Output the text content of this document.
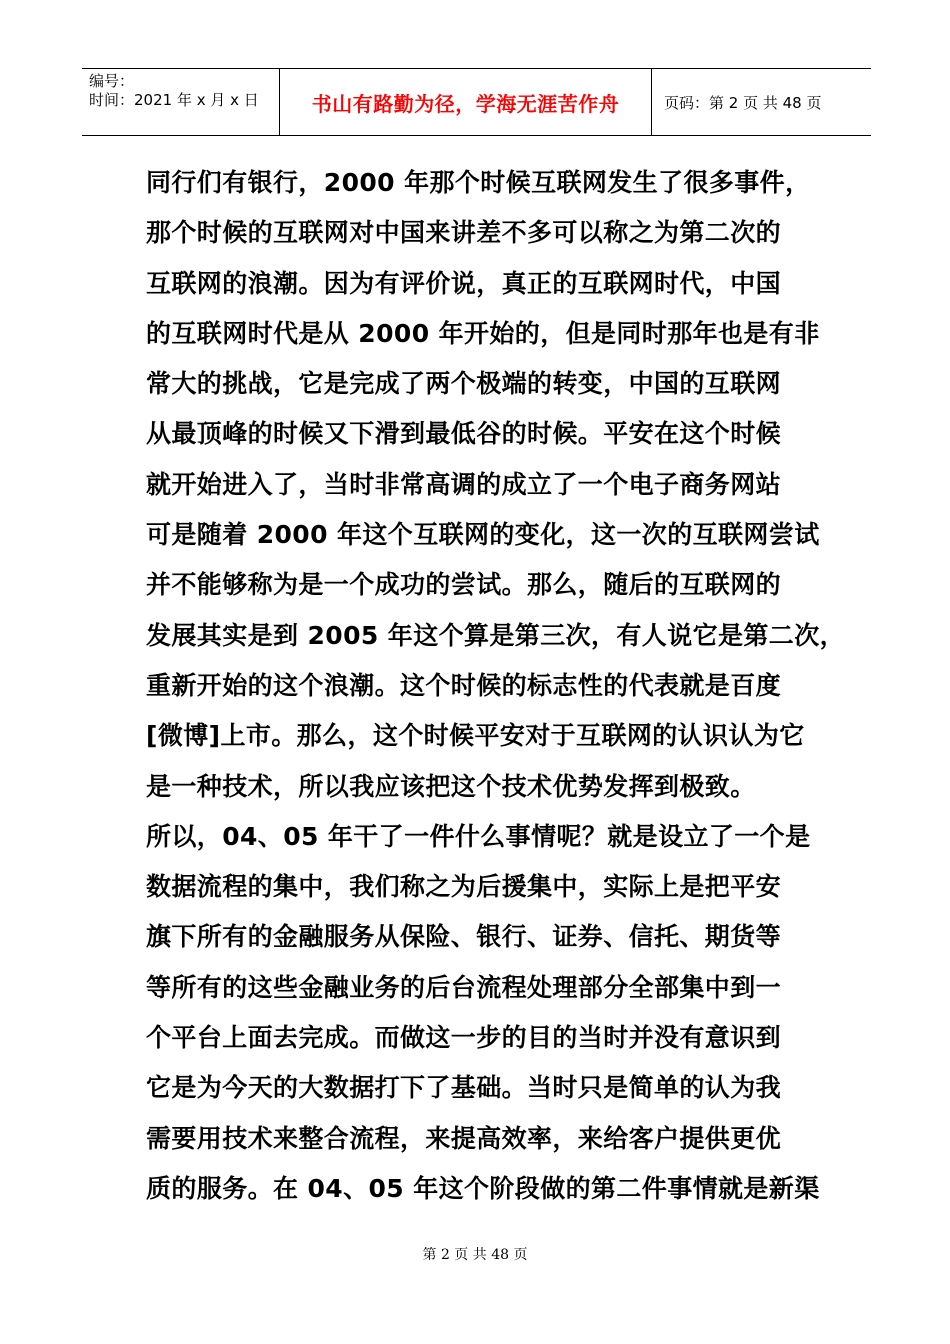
编号：
时间：2021 年 x 月 x 日	书山有路勤为径，学海无涯苦作舟	页码：第 2 页 共 48 页
同行们有银行，2000 年那个时候互联网发生了很多事件，
那个时候的互联网对中国来讲差不多可以称之为第二次的
互联网的浪潮。因为有评价说，真正的互联网时代，中国
的互联网时代是从 2000 年开始的，但是同时那年也是有非
常大的挑战，它是完成了两个极端的转变，中国的互联网
从最顶峰的时候又下滑到最低谷的时候。平安在这个时候
就开始进入了，当时非常高调的成立了一个电子商务网站
可是随着 2000 年这个互联网的变化，这一次的互联网尝试
并不能够称为是一个成功的尝试。那么，随后的互联网的
发展其实是到 2005 年这个算是第三次，有人说它是第二次，
重新开始的这个浪潮。这个时候的标志性的代表就是百度
[微博]上市。那么，这个时候平安对于互联网的认识认为它
是一种技术，所以我应该把这个技术优势发挥到极致。
所以，04、05 年干了一件什么事情呢？就是设立了一个是
数据流程的集中，我们称之为后援集中，实际上是把平安
旗下所有的金融服务从保险、银行、证券、信托、期货等
等所有的这些金融业务的后台流程处理部分全部集中到一
个平台上面去完成。而做这一步的目的当时并没有意识到
它是为今天的大数据打下了基础。当时只是简单的认为我
需要用技术来整合流程，来提高效率，来给客户提供更优
质的服务。在 04、05 年这个阶段做的第二件事情就是新渠
第 2 页 共 48 页
